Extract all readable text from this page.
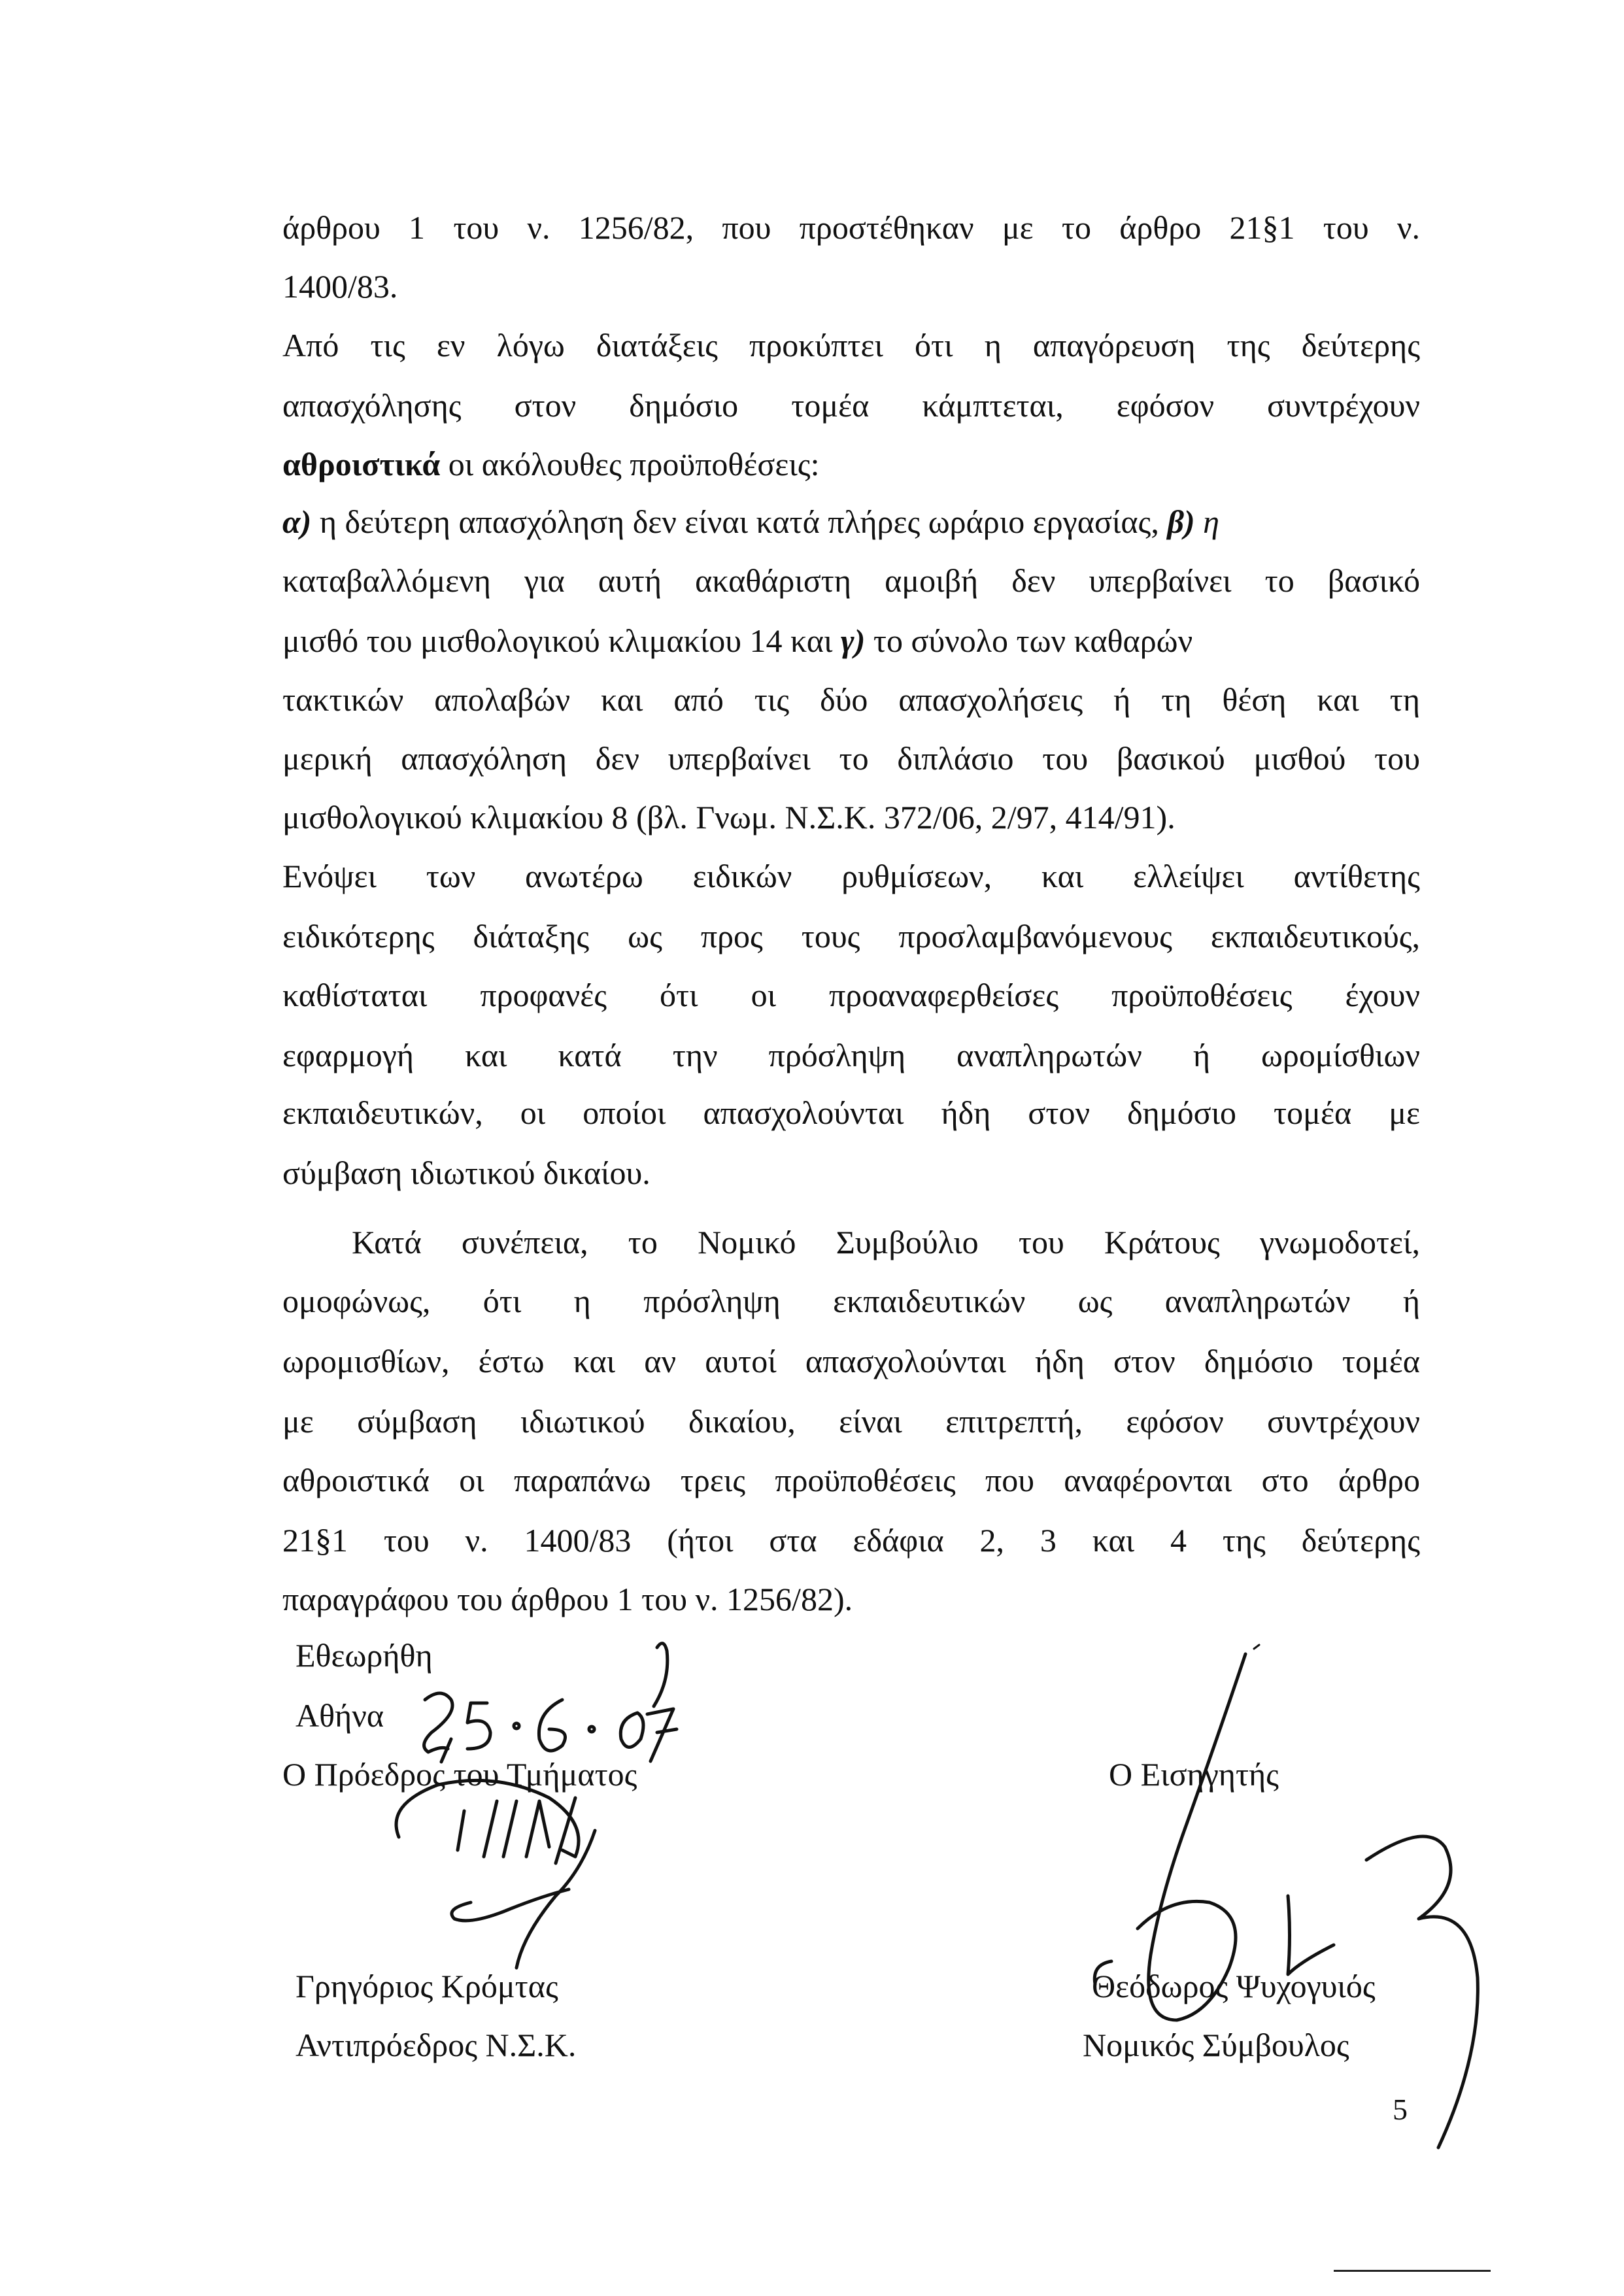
άρθρου 1 του ν. 1256/82, που προστέθηκαν με το άρθρο 21§1 του ν.
1400/83.
Από τις εν λόγω διατάξεις προκύπτει ότι η απαγόρευση της δεύτερης
απασχόλησης στον δημόσιο τομέα κάμπτεται, εφόσον συντρέχουν
αθροιστικά οι ακόλουθες προϋποθέσεις:
α) η δεύτερη απασχόληση δεν είναι κατά πλήρες ωράριο εργασίας, β) η
καταβαλλόμενη για αυτή ακαθάριστη αμοιβή δεν υπερβαίνει το βασικό
μισθό του μισθολογικού κλιμακίου 14 και γ) το σύνολο των καθαρών
τακτικών απολαβών και από τις δύο απασχολήσεις ή τη θέση και τη
μερική απασχόληση δεν υπερβαίνει το διπλάσιο του βασικού μισθού του
μισθολογικού κλιμακίου 8 (βλ. Γνωμ. Ν.Σ.Κ. 372/06, 2/97, 414/91).
Ενόψει των ανωτέρω ειδικών ρυθμίσεων, και ελλείψει αντίθετης
ειδικότερης διάταξης ως προς τους προσλαμβανόμενους εκπαιδευτικούς,
καθίσταται προφανές ότι οι προαναφερθείσες προϋποθέσεις έχουν
εφαρμογή και κατά την πρόσληψη αναπληρωτών ή ωρομίσθιων
εκπαιδευτικών, οι οποίοι απασχολούνται ήδη στον δημόσιο τομέα με
σύμβαση ιδιωτικού δικαίου.
Κατά συνέπεια, το Νομικό Συμβούλιο του Κράτους γνωμοδοτεί,
ομοφώνως, ότι η πρόσληψη εκπαιδευτικών ως αναπληρωτών ή
ωρομισθίων, έστω και αν αυτοί απασχολούνται ήδη στον δημόσιο τομέα
με σύμβαση ιδιωτικού δικαίου, είναι επιτρεπτή, εφόσον συντρέχουν
αθροιστικά οι παραπάνω τρεις προϋποθέσεις που αναφέρονται στο άρθρο
21§1 του ν. 1400/83 (ήτοι στα εδάφια 2, 3 και 4 της δεύτερης
παραγράφου του άρθρου 1 του ν. 1256/82).
Εθεωρήθη
Αθήνα
Ο Πρόεδρος του Τμήματος
Γρηγόριος Κρόμτας
Αντιπρόεδρος Ν.Σ.Κ.
Ο Εισηγητής
Θεόδωρος Ψυχογυιός
Νομικός Σύμβουλος
5
